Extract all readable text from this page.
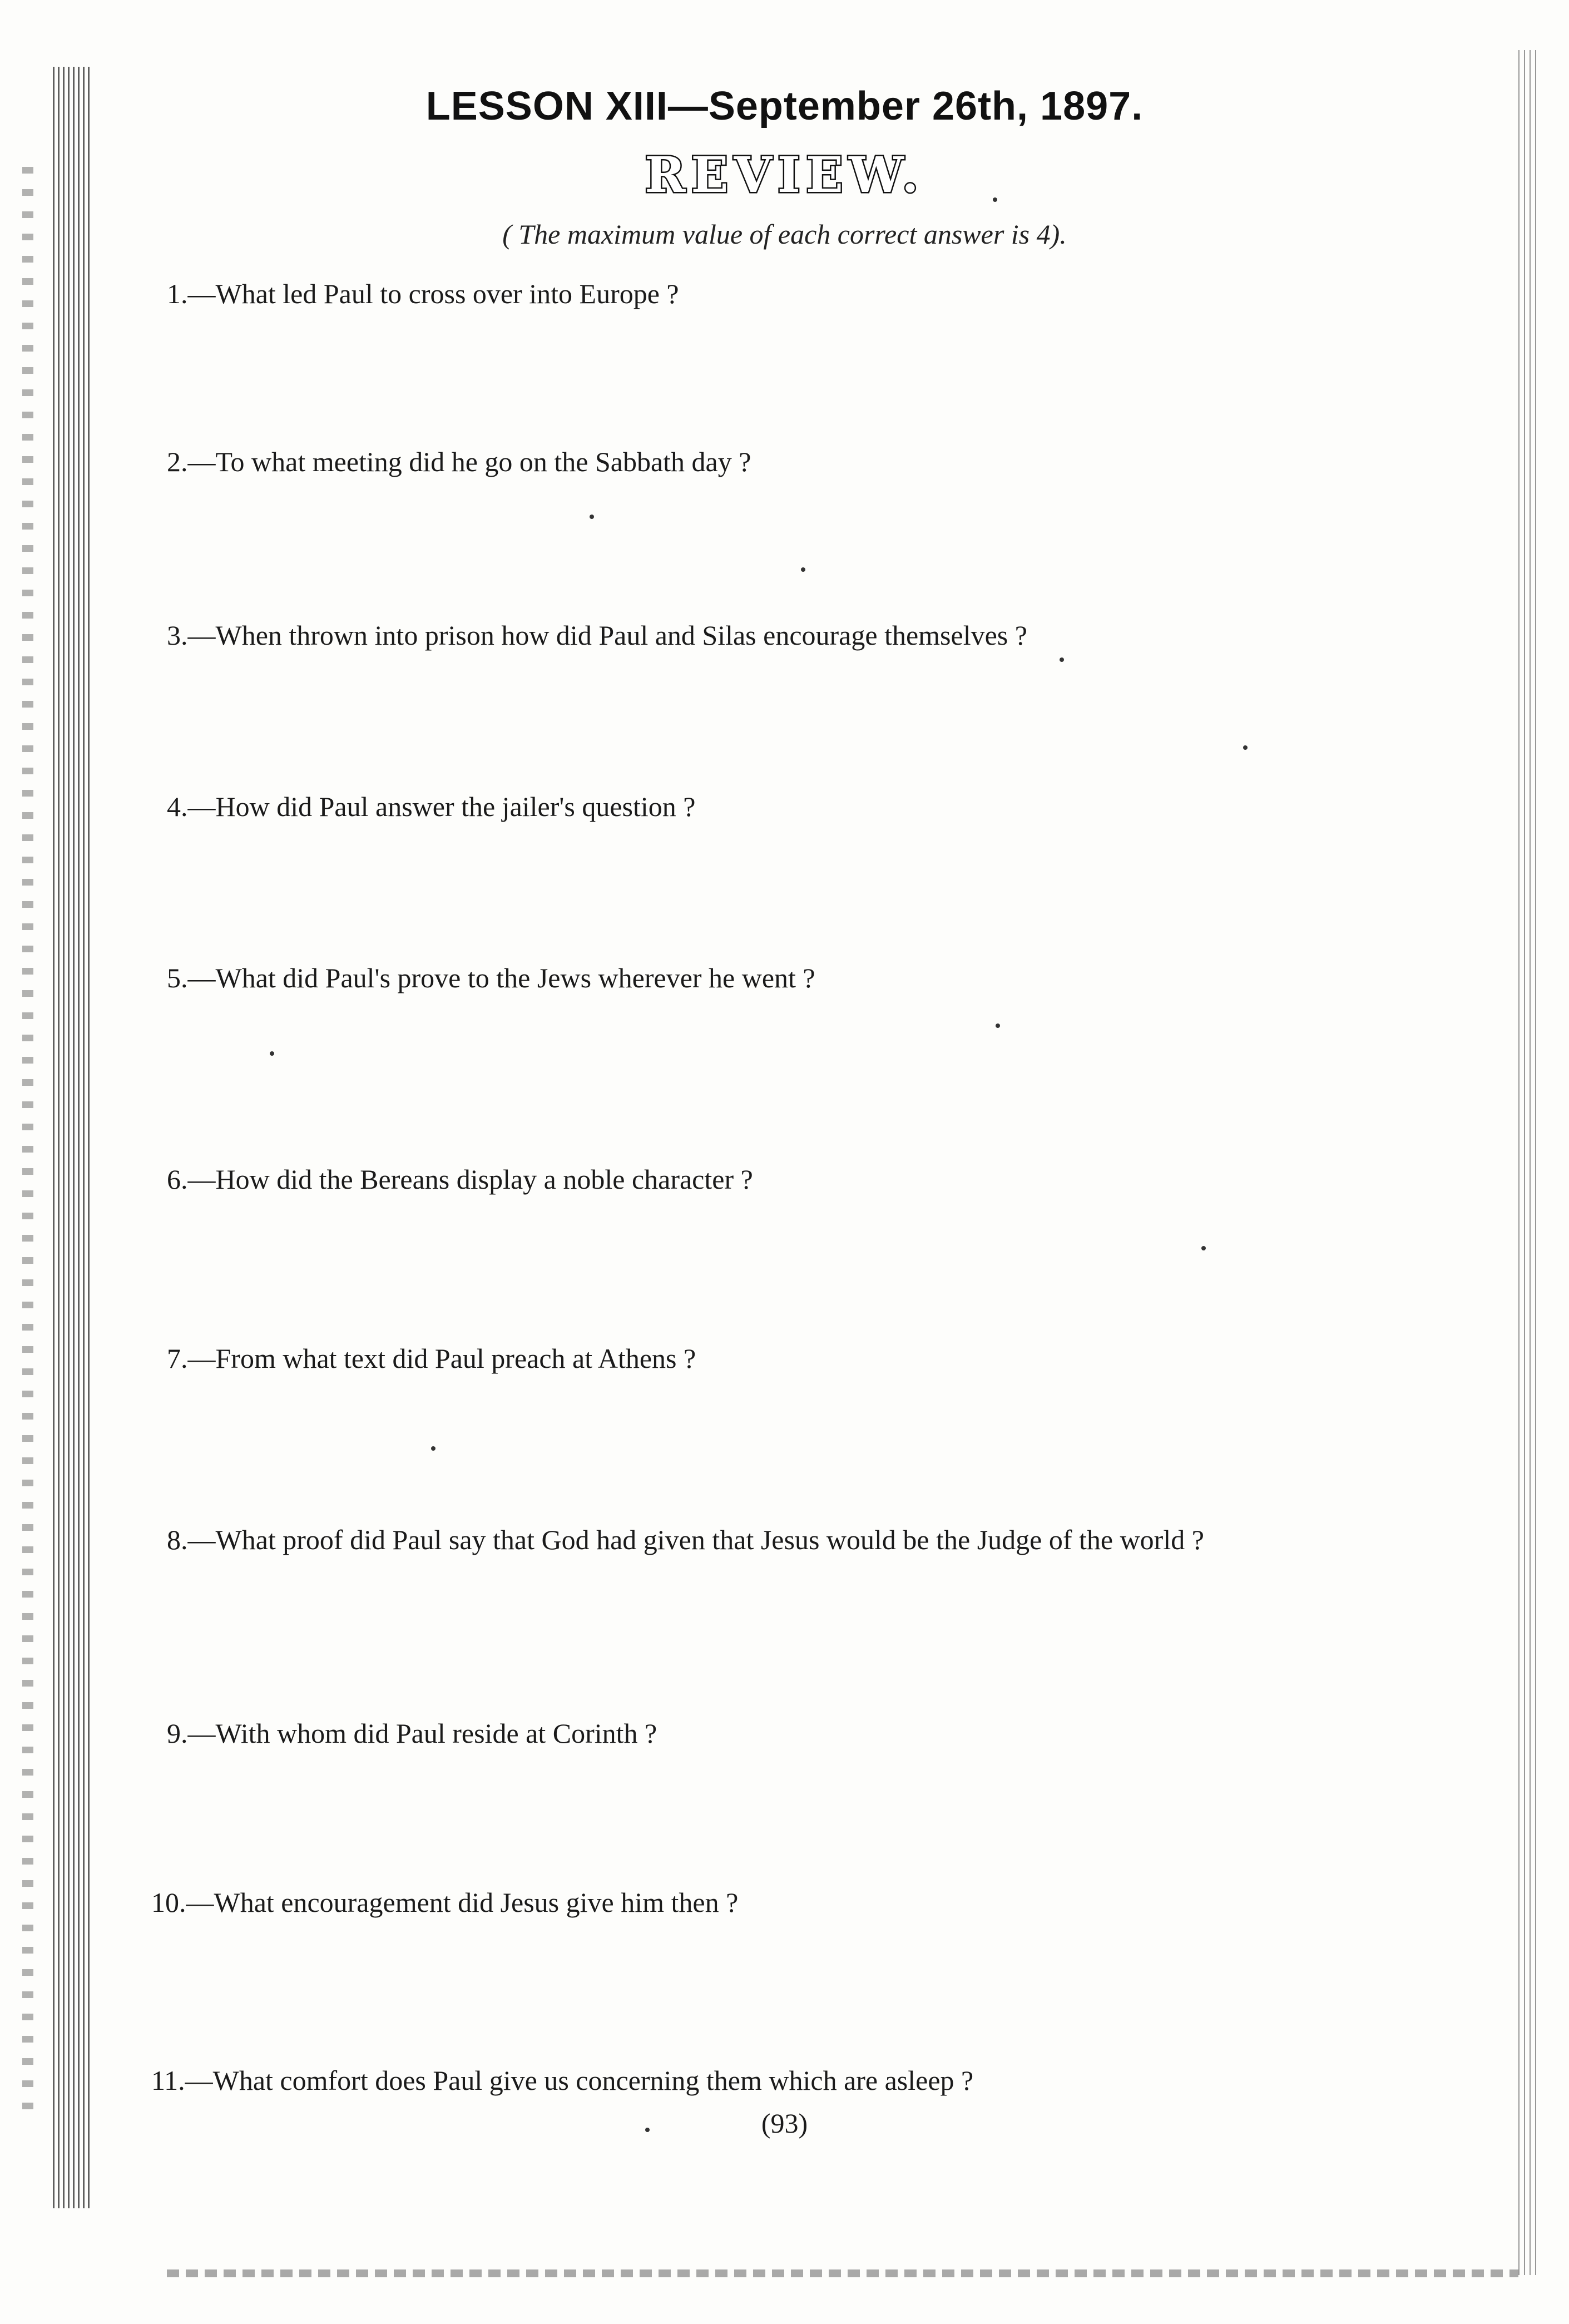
LESSON XIII—September 26th, 1897.
REVIEW.
( The maximum value of each correct answer is 4).
1.—What led Paul to cross over into Europe ?
2.—To what meeting did he go on the Sabbath day ?
3.—When thrown into prison how did Paul and Silas encourage themselves ?
4.—How did Paul answer the jailer's question ?
5.—What did Paul's prove to the Jews wherever he went ?
6.—How did the Bereans display a noble character ?
7.—From what text did Paul preach at Athens ?
8.—What proof did Paul say that God had given that Jesus would be the Judge of the world ?
9.—With whom did Paul reside at Corinth ?
10.—What encouragement did Jesus give him then ?
11.—What comfort does Paul give us concerning them which are asleep ?
(93)
